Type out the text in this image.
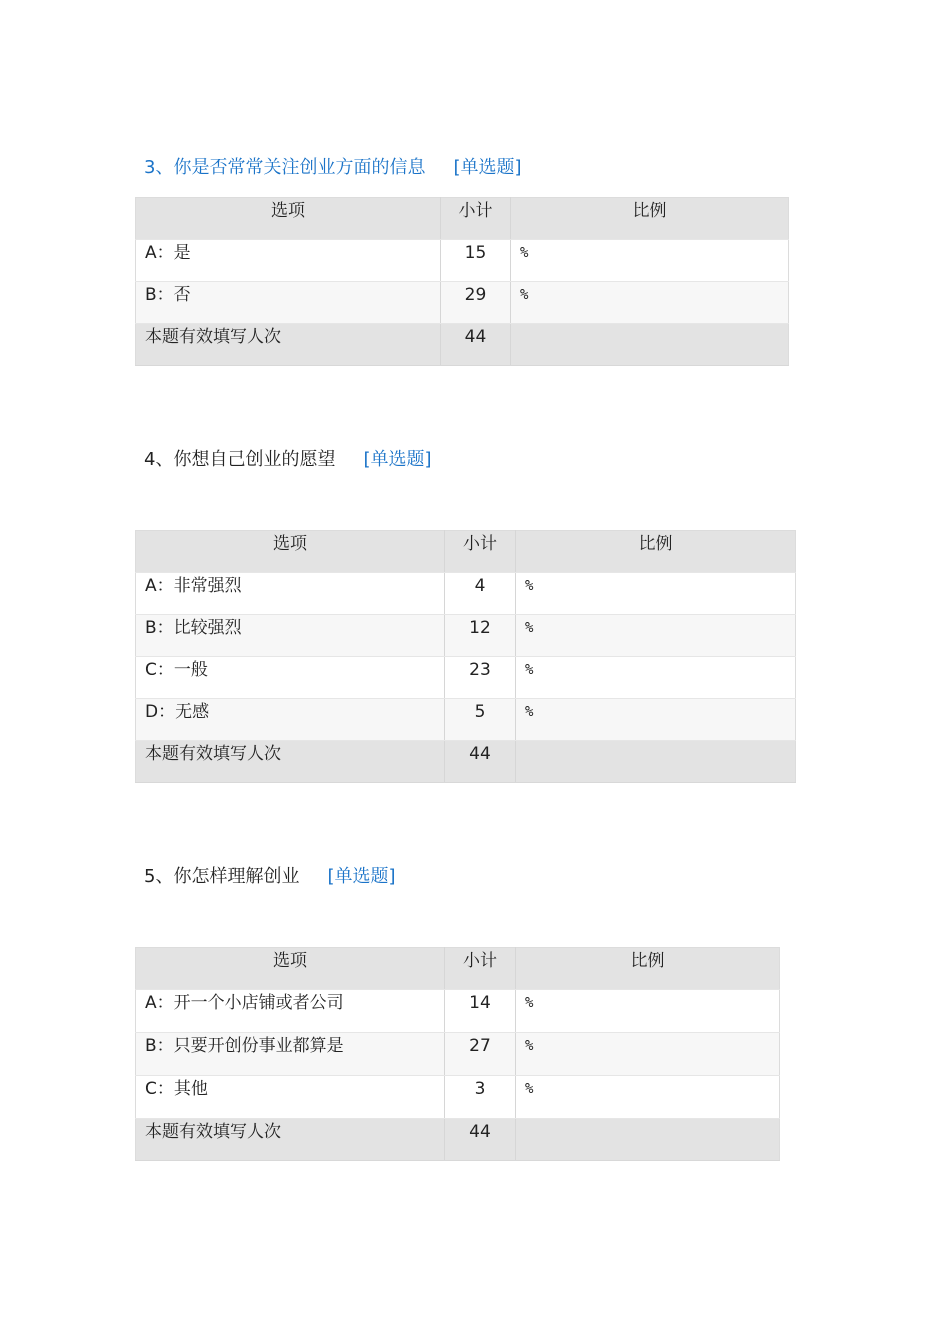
3、你是否常常关注创业方面的信息 [单选题]
选项	小计	比例
A：是	15	%
B：否	29	%
本题有效填写人次	44	
4、你想自己创业的愿望 [单选题]
选项	小计	比例
A：非常强烈	4	%
B：比较强烈	12	%
C：一般	23	%
D：无感	5	%
本题有效填写人次	44	
5、你怎样理解创业 [单选题]
选项	小计	比例
A：开一个小店铺或者公司	14	%
B：只要开创份事业都算是	27	%
C：其他	3	%
本题有效填写人次	44	
